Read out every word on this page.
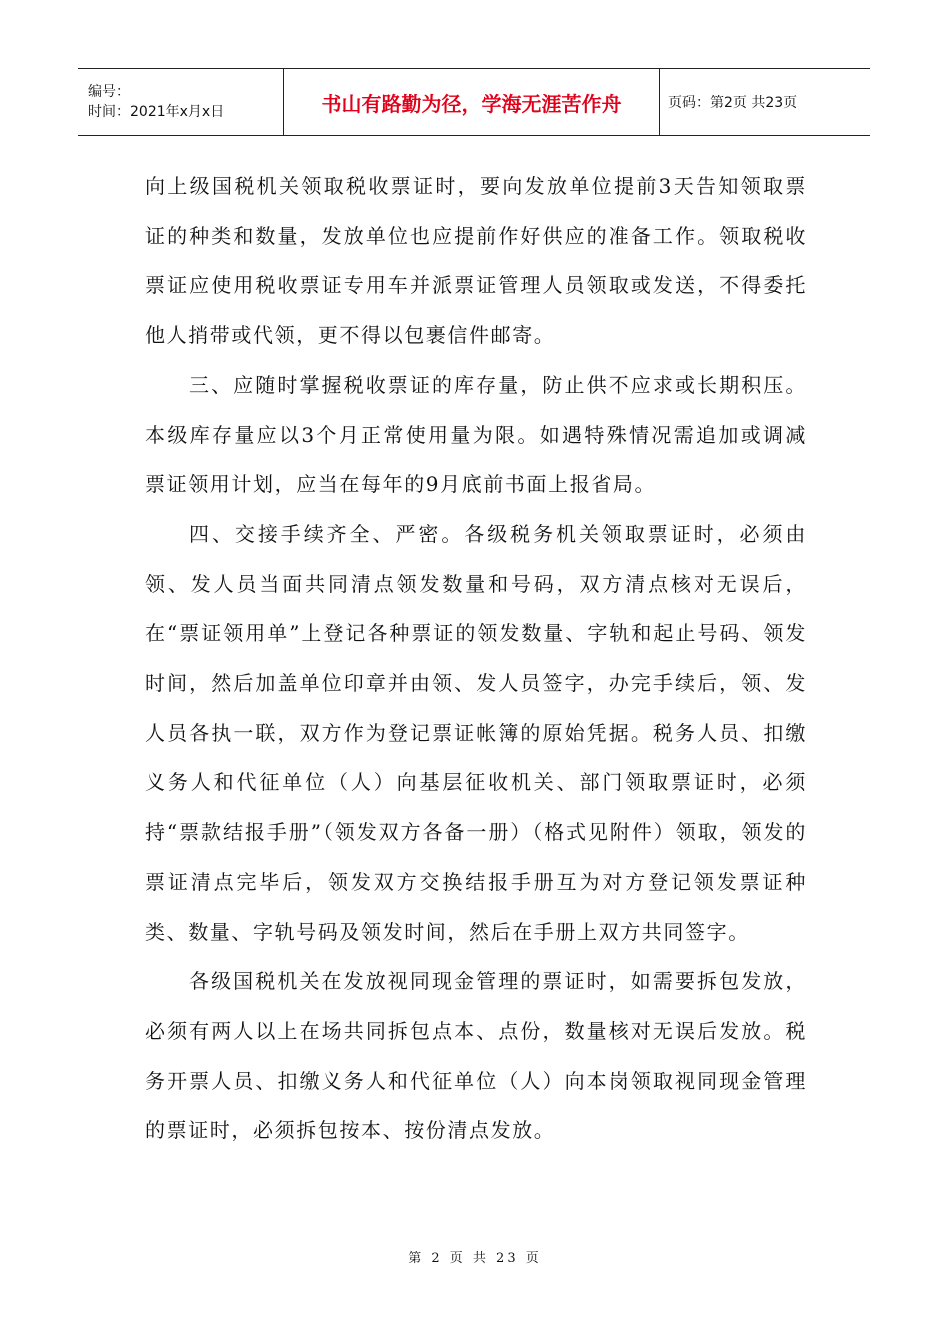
编号：
时间：2021年x月x日	书山有路勤为径，学海无涯苦作舟	页码：第2页 共23页

向上级国税机关领取税收票证时，要向发放单位提前3天告知领取票证的种类和数量，发放单位也应提前作好供应的准备工作。领取税收票证应使用税收票证专用车并派票证管理人员领取或发送，不得委托他人捎带或代领，更不得以包裹信件邮寄。

三、应随时掌握税收票证的库存量，防止供不应求或长期积压。本级库存量应以3个月正常使用量为限。如遇特殊情况需追加或调减票证领用计划，应当在每年的9月底前书面上报省局。

四、交接手续齐全、严密。各级税务机关领取票证时，必须由领、发人员当面共同清点领发数量和号码，双方清点核对无误后，在“票证领用单”上登记各种票证的领发数量、字轨和起止号码、领发时间，然后加盖单位印章并由领、发人员签字，办完手续后，领、发人员各执一联，双方作为登记票证帐簿的原始凭据。税务人员、扣缴义务人和代征单位（人）向基层征收机关、部门领取票证时，必须持“票款结报手册”（领发双方各备一册）（格式见附件）领取，领发的票证清点完毕后，领发双方交换结报手册互为对方登记领发票证种类、数量、字轨号码及领发时间，然后在手册上双方共同签字。

各级国税机关在发放视同现金管理的票证时，如需要拆包发放，必须有两人以上在场共同拆包点本、点份，数量核对无误后发放。税务开票人员、扣缴义务人和代征单位（人）向本岗领取视同现金管理的票证时，必须拆包按本、按份清点发放。

第 2 页 共 23 页
